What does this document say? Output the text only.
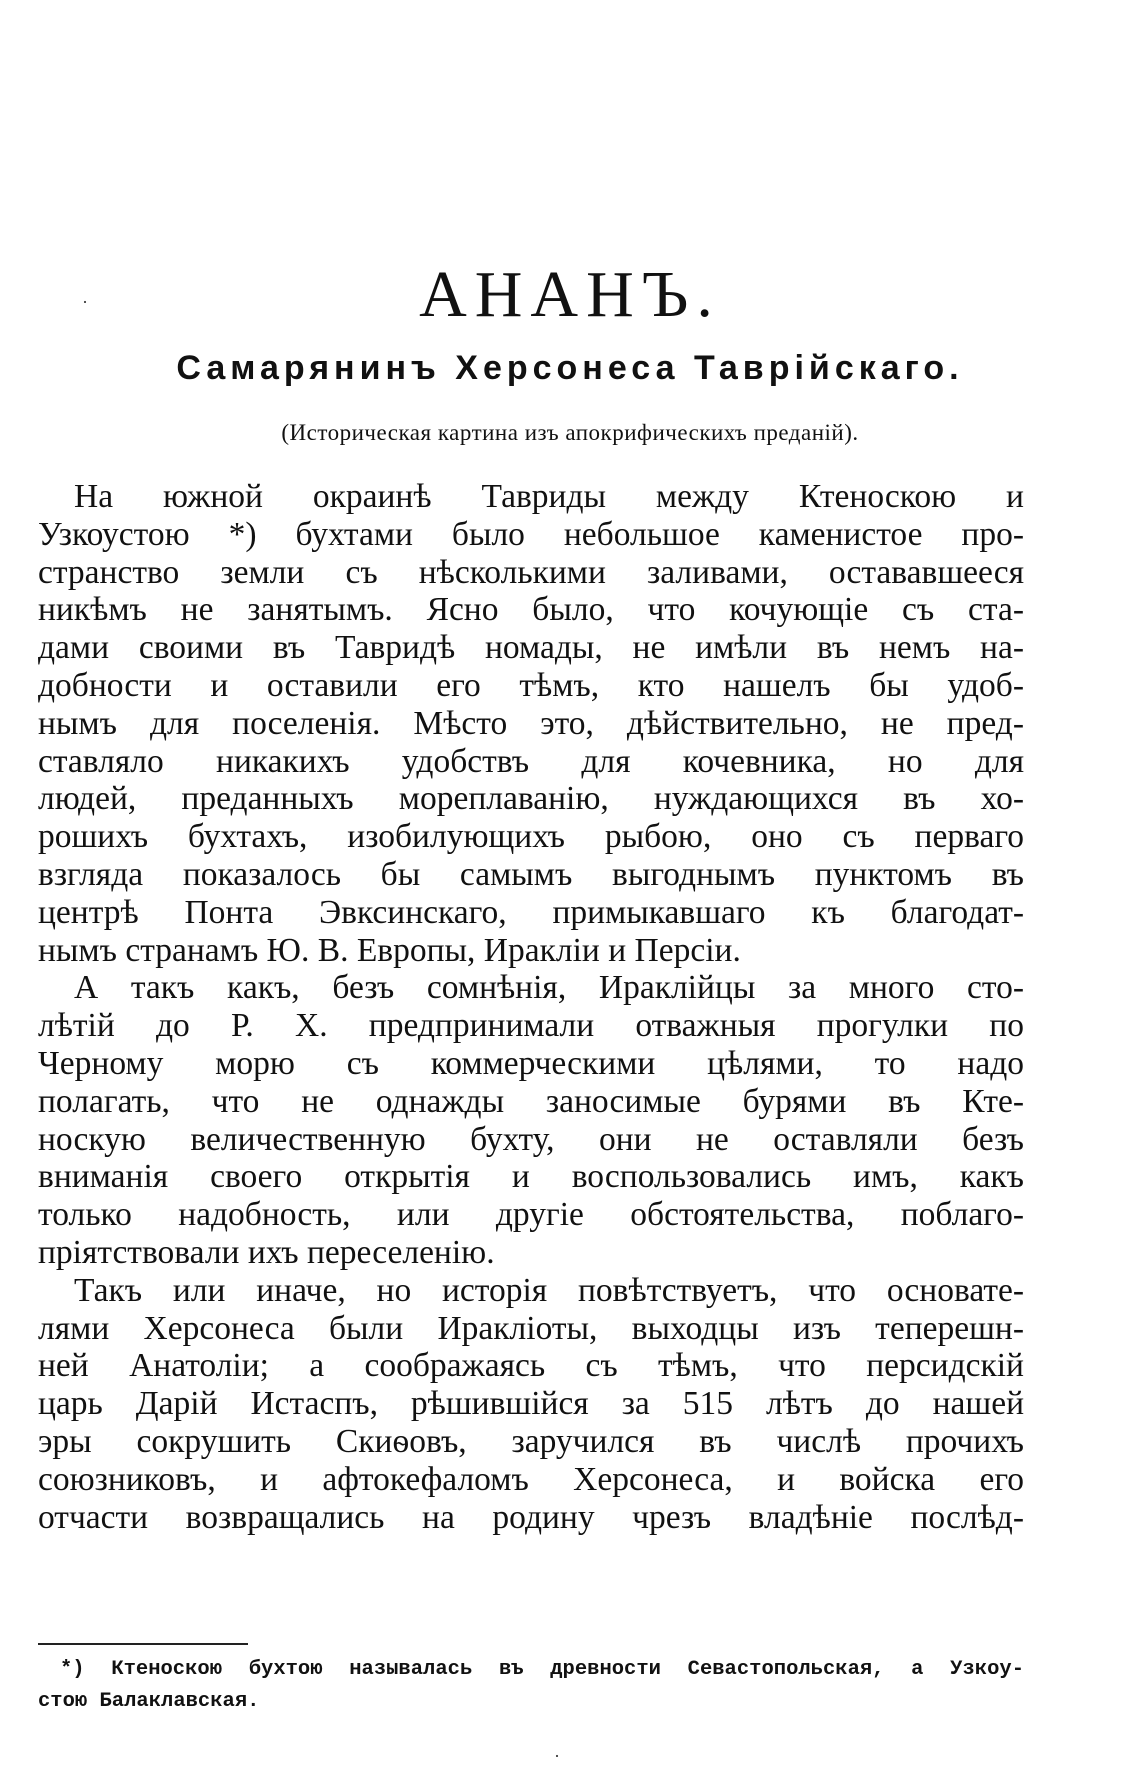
АНАНЪ.
Самарянинъ Херсонеса Таврійскаго.
(Историческая картина изъ апокрифическихъ преданій).
На южной окраинѣ Тавриды между Ктеноскою и
Узкоустою *) бухтами было небольшое каменистое про-
странство земли съ нѣсколькими заливами, остававшееся
никѣмъ не занятымъ. Ясно было, что кочующіе съ ста-
дами своими въ Тавридѣ номады, не имѣли въ немъ на-
добности и оставили его тѣмъ, кто нашелъ бы удоб-
нымъ для поселенія. Мѣсто это, дѣйствительно, не пред-
ставляло никакихъ удобствъ для кочевника, но для
людей, преданныхъ мореплаванію, нуждающихся въ хо-
рошихъ бухтахъ, изобилующихъ рыбою, оно съ перваго
взгляда показалось бы самымъ выгоднымъ пунктомъ въ
центрѣ Понта Эвксинскаго, примыкавшаго къ благодат-
нымъ странамъ Ю. В. Европы, Иракліи и Персіи.
А такъ какъ, безъ сомнѣнія, Ираклійцы за много сто-
лѣтій до Р. Х. предпринимали отважныя прогулки по
Черному морю съ коммерческими цѣлями, то надо
полагать, что не однажды заносимые бурями въ Кте-
носкую величественную бухту, они не оставляли безъ
вниманія своего открытія и воспользовались имъ, какъ
только надобность, или другіе обстоятельства, поблаго-
пріятствовали ихъ переселенію.
Такъ или иначе, но исторія повѣтствуетъ, что основате-
лями Херсонеса были Иракліоты, выходцы изъ теперешн-
ней Анатоліи; а соображаясь съ тѣмъ, что персидскій
царь Дарій Истаспъ, рѣшившійся за 515 лѣтъ до нашей
эры сокрушить Скиѳовъ, заручился въ числѣ прочихъ
союзниковъ, и афтокефаломъ Херсонеса, и войска его
отчасти возвращались на родину чрезъ владѣніе послѣд-
*) Ктеноскою бухтою называлась въ древности Севастопольская, а Узкоу-
стою Балаклавская.
·
·
